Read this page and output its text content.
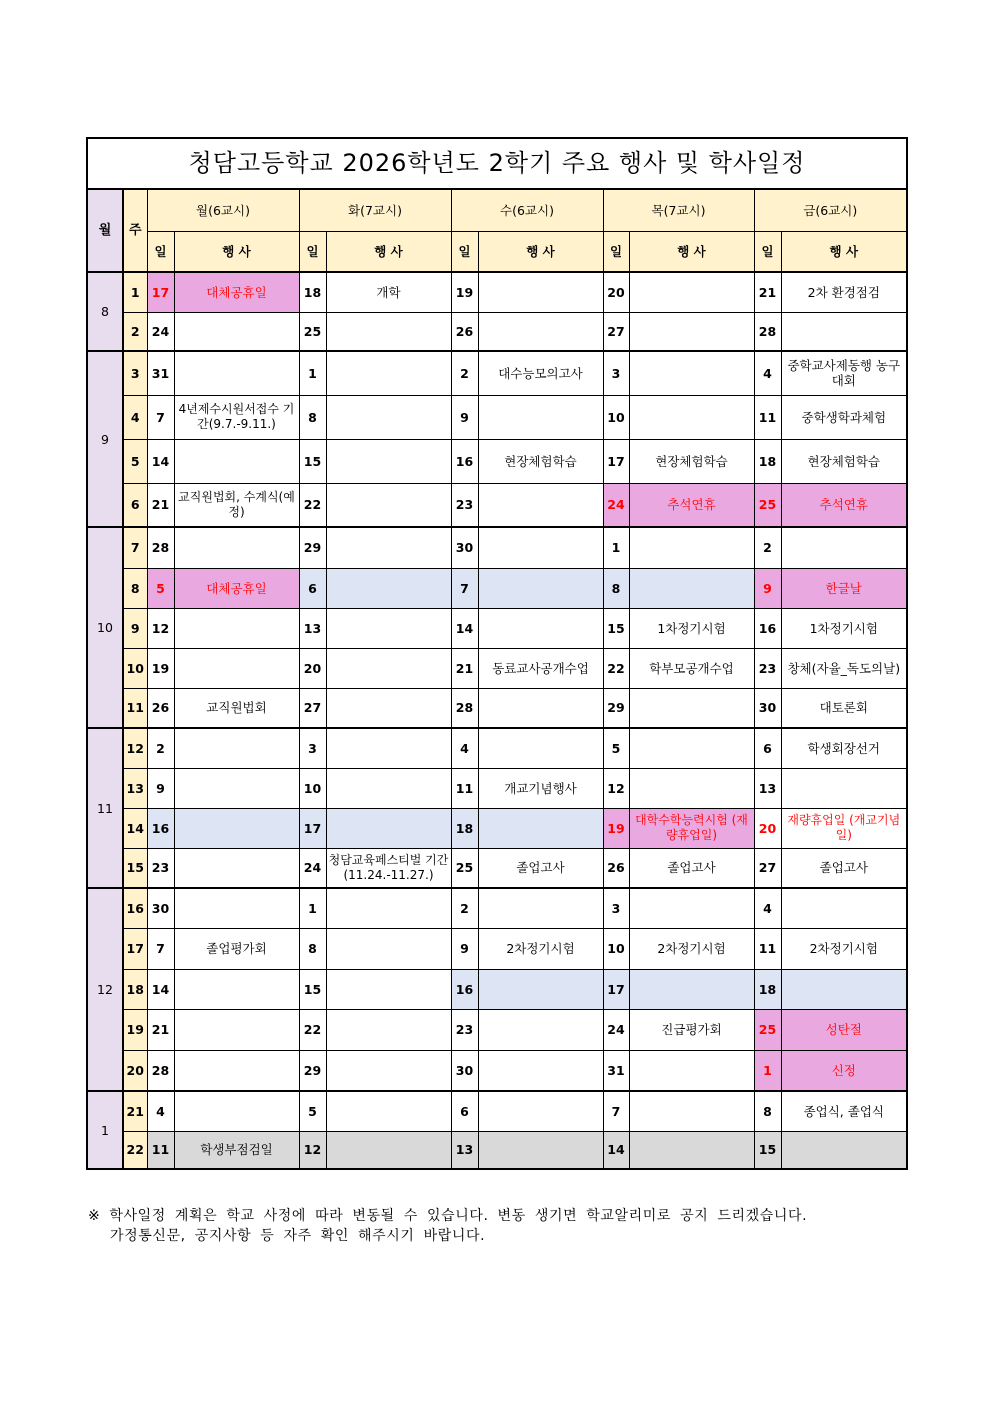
청담고등학교 2026학년도 2학기 주요 행사 및 학사일정											
월	주	월(6교시)		화(7교시)		수(6교시)		목(7교시)		금(6교시)	
		일	행 사	일	행 사	일	행 사	일	행 사	일	행 사
8	1	17	대체공휴일	18	개학	19		20		21	2차 환경점검
	2	24		25		26		27		28	
9	3	31		1		2	대수능모의고사	3		4	중학교사제동행 농구대회
	4	7	4년제수시원서접수 기간(9.7.-9.11.)	8		9		10		11	중학생학과체험
	5	14		15		16	현장체험학습	17	현장체험학습	18	현장체험학습
	6	21	교직원법회, 수계식(예정)	22		23		24	추석연휴	25	추석연휴
10	7	28		29		30		1		2	
	8	5	대체공휴일	6		7		8		9	한글날
	9	12		13		14		15	1차정기시험	16	1차정기시험
	10	19		20		21	동료교사공개수업	22	학부모공개수업	23	창체(자율_독도의날)
	11	26	교직원법회	27		28		29		30	대토론회
11	12	2		3		4		5		6	학생회장선거
	13	9		10		11	개교기념행사	12		13	
	14	16		17		18		19	대학수학능력시험 (재량휴업일)	20	재량휴업일 (개교기념일)
	15	23		24	청담교육페스티벌 기간(11.24.-11.27.)	25	졸업고사	26	졸업고사	27	졸업고사
12	16	30		1		2		3		4	
	17	7	졸업평가회	8		9	2차정기시험	10	2차정기시험	11	2차정기시험
	18	14		15		16		17		18	
	19	21		22		23		24	진급평가회	25	성탄절
	20	28		29		30		31		1	신정
1	21	4		5		6		7		8	종업식, 졸업식
	22	11	학생부점검일	12		13		14		15	
※ 학사일정 계획은 학교 사정에 따라 변동될 수 있습니다. 변동 생기면 학교알리미로 공지 드리겠습니다.
가정통신문, 공지사항 등 자주 확인 해주시기 바랍니다.
